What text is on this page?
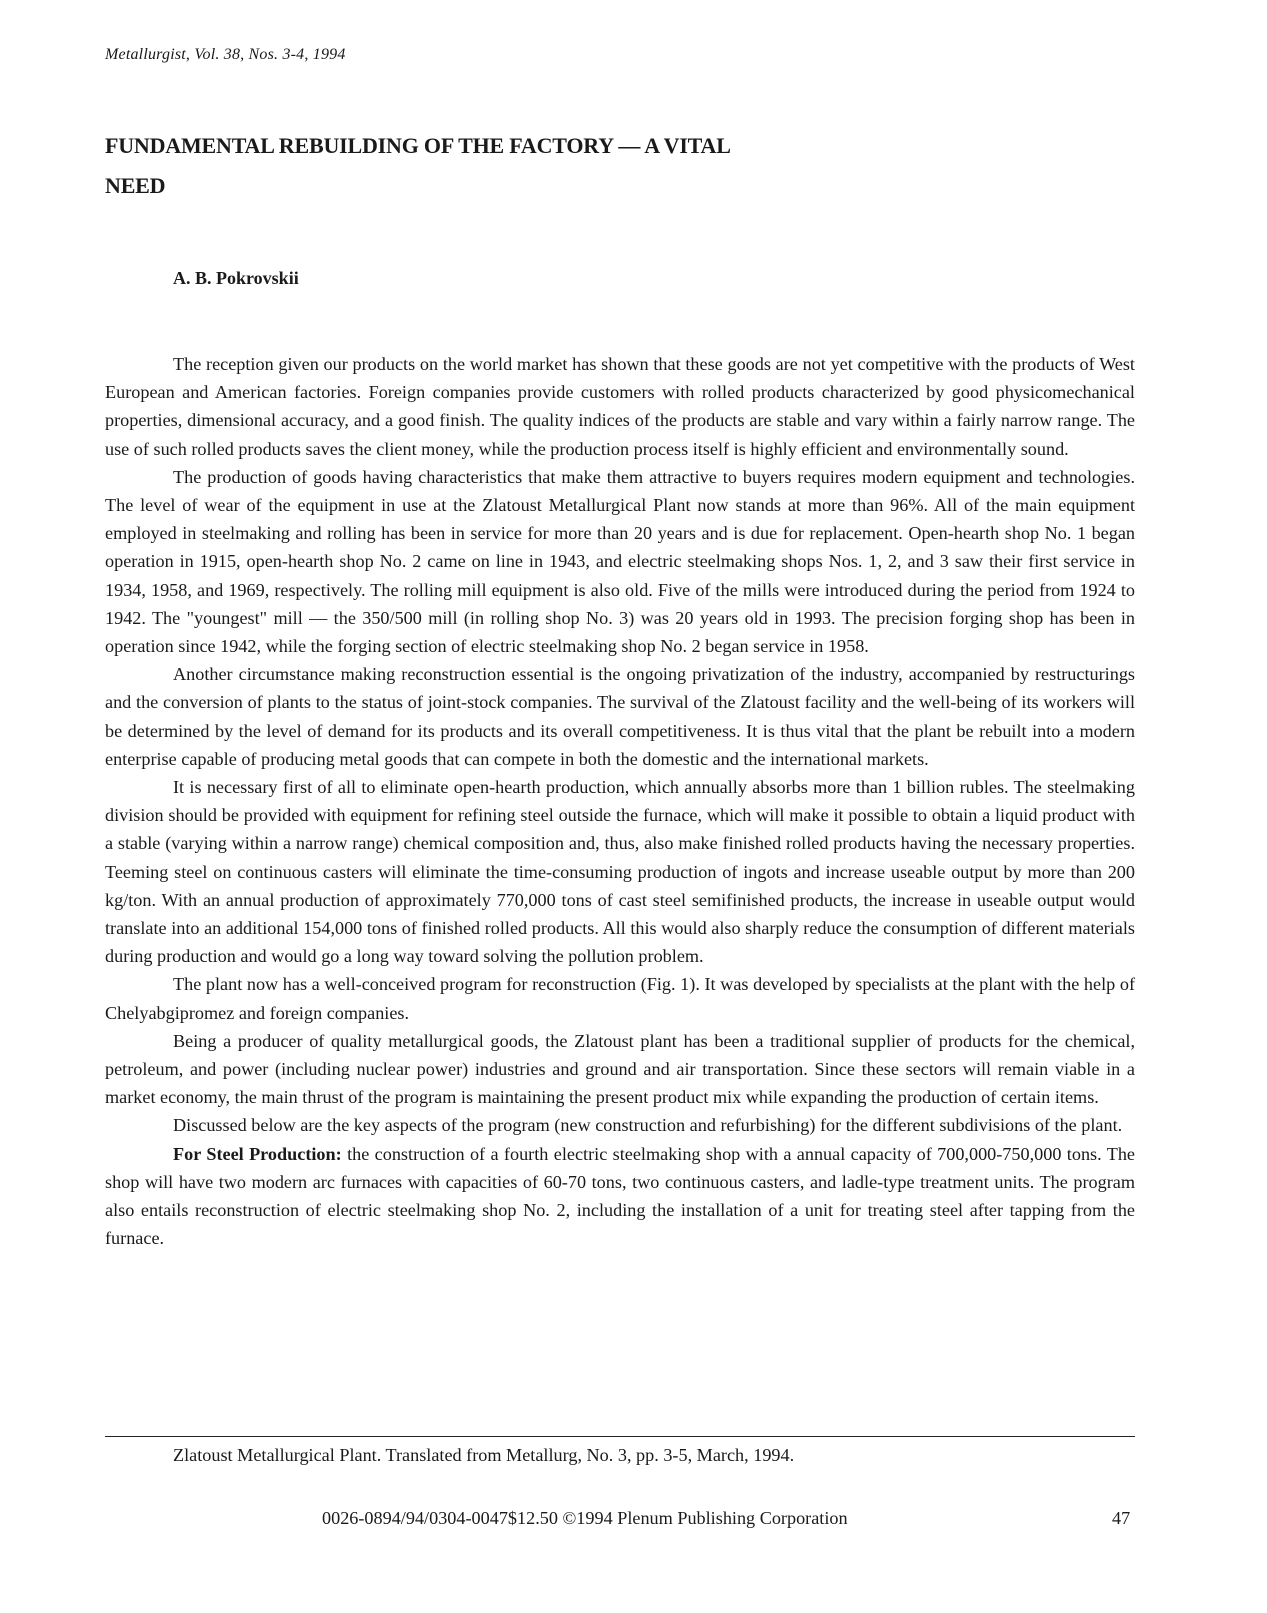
Metallurgist, Vol. 38, Nos. 3-4, 1994
FUNDAMENTAL REBUILDING OF THE FACTORY — A VITAL
NEED
A. B. Pokrovskii

The reception given our products on the world market has shown that these goods are not yet competitive with the products of West European and American factories. Foreign companies provide customers with rolled products characterized by good physicomechanical properties, dimensional accuracy, and a good finish. The quality indices of the products are stable and vary within a fairly narrow range. The use of such rolled products saves the client money, while the production process itself is highly efficient and environmentally sound.

The production of goods having characteristics that make them attractive to buyers requires modern equipment and technologies. The level of wear of the equipment in use at the Zlatoust Metallurgical Plant now stands at more than 96%. All of the main equipment employed in steelmaking and rolling has been in service for more than 20 years and is due for replacement. Open-hearth shop No. 1 began operation in 1915, open-hearth shop No. 2 came on line in 1943, and electric steelmaking shops Nos. 1, 2, and 3 saw their first service in 1934, 1958, and 1969, respectively. The rolling mill equipment is also old. Five of the mills were introduced during the period from 1924 to 1942. The "youngest" mill — the 350/500 mill (in rolling shop No. 3) was 20 years old in 1993. The precision forging shop has been in operation since 1942, while the forging section of electric steelmaking shop No. 2 began service in 1958.

Another circumstance making reconstruction essential is the ongoing privatization of the industry, accompanied by restructurings and the conversion of plants to the status of joint-stock companies. The survival of the Zlatoust facility and the well-being of its workers will be determined by the level of demand for its products and its overall competitiveness. It is thus vital that the plant be rebuilt into a modern enterprise capable of producing metal goods that can compete in both the domestic and the international markets.

It is necessary first of all to eliminate open-hearth production, which annually absorbs more than 1 billion rubles. The steelmaking division should be provided with equipment for refining steel outside the furnace, which will make it possible to obtain a liquid product with a stable (varying within a narrow range) chemical composition and, thus, also make finished rolled products having the necessary properties. Teeming steel on continuous casters will eliminate the time-consuming production of ingots and increase useable output by more than 200 kg/ton. With an annual production of approximately 770,000 tons of cast steel semifinished products, the increase in useable output would translate into an additional 154,000 tons of finished rolled products. All this would also sharply reduce the consumption of different materials during production and would go a long way toward solving the pollution problem.

The plant now has a well-conceived program for reconstruction (Fig. 1). It was developed by specialists at the plant with the help of Chelyabgipromez and foreign companies.

Being a producer of quality metallurgical goods, the Zlatoust plant has been a traditional supplier of products for the chemical, petroleum, and power (including nuclear power) industries and ground and air transportation. Since these sectors will remain viable in a market economy, the main thrust of the program is maintaining the present product mix while expanding the production of certain items.

Discussed below are the key aspects of the program (new construction and refurbishing) for the different subdivisions of the plant.

For Steel Production: the construction of a fourth electric steelmaking shop with a annual capacity of 700,000-750,000 tons. The shop will have two modern arc furnaces with capacities of 60-70 tons, two continuous casters, and ladle-type treatment units. The program also entails reconstruction of electric steelmaking shop No. 2, including the installation of a unit for treating steel after tapping from the furnace.

Zlatoust Metallurgical Plant. Translated from Metallurg, No. 3, pp. 3-5, March, 1994.
0026-0894/94/0304-0047$12.50 ©1994 Plenum Publishing Corporation	47
